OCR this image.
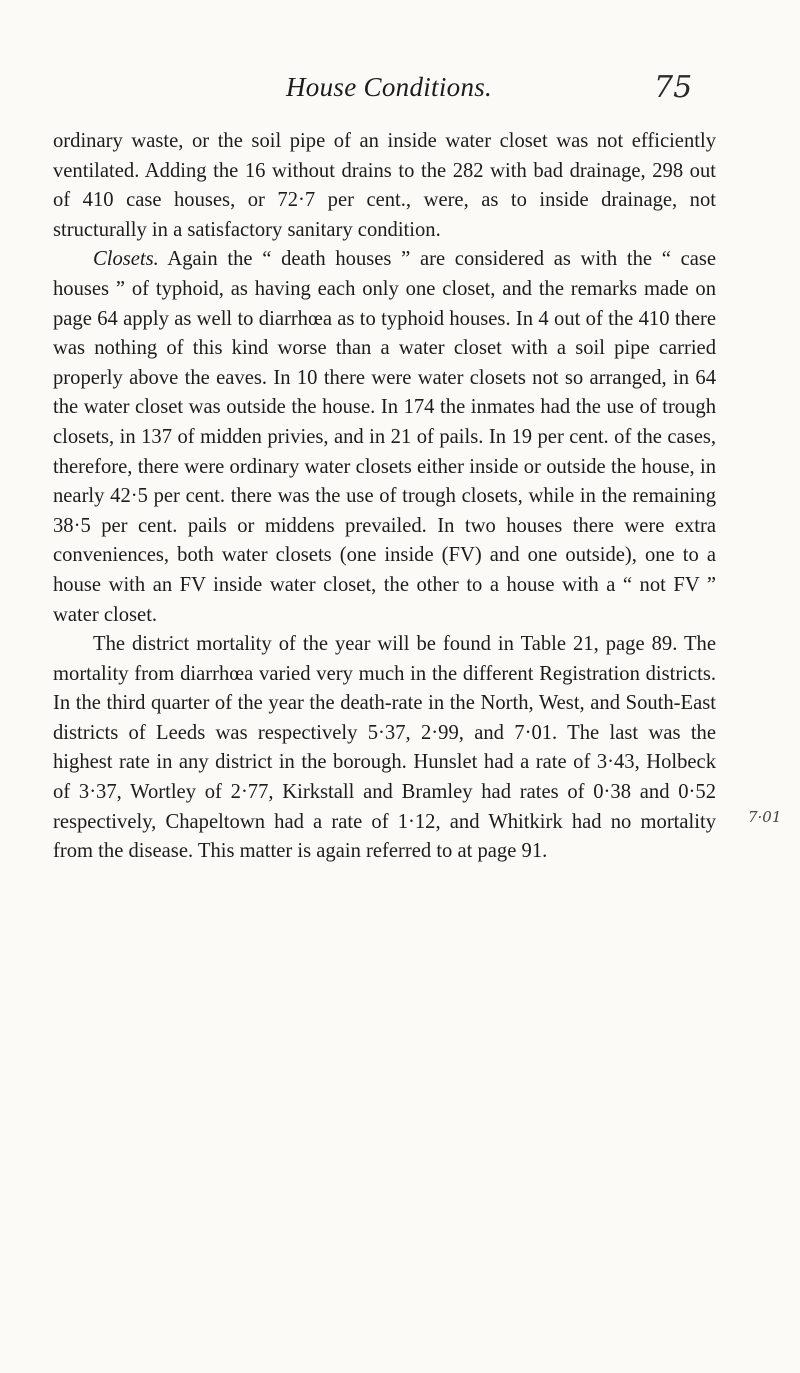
House Conditions.	75

ordinary waste, or the soil pipe of an inside water closet was not efficiently ventilated. Adding the 16 without drains to the 282 with bad drainage, 298 out of 410 case houses, or 72·7 per cent., were, as to inside drainage, not structurally in a satisfactory sanitary condition.

Closets. Again the “ death houses ” are considered as with the “ case houses ” of typhoid, as having each only one closet, and the remarks made on page 64 apply as well to diarrhœa as to typhoid houses. In 4 out of the 410 there was nothing of this kind worse than a water closet with a soil pipe carried properly above the eaves. In 10 there were water closets not so arranged, in 64 the water closet was outside the house. In 174 the inmates had the use of trough closets, in 137 of midden privies, and in 21 of pails. In 19 per cent. of the cases, therefore, there were ordinary water closets either inside or outside the house, in nearly 42·5 per cent. there was the use of trough closets, while in the remaining 38·5 per cent. pails or middens prevailed. In two houses there were extra conveniences, both water closets (one inside (FV) and one outside), one to a house with an FV inside water closet, the other to a house with a “ not FV ” water closet.

The district mortality of the year will be found in Table 21, page 89. The mortality from diarrhœa varied very much in the different Registration districts. In the third quarter of the year the death-rate in the North, West, and South-East districts of Leeds was respectively 5·37, 2·99, and 7·01. The last was the highest rate in any district in the borough. Hunslet had a rate of 3·43, Holbeck of 3·37, Wortley of 2·77, Kirkstall and Bramley had rates of 0·38 and 0·52 respectively, Chapeltown had a rate of 1·12, and Whitkirk had no mortality from the disease. This matter is again referred to at page 91.

7·01
